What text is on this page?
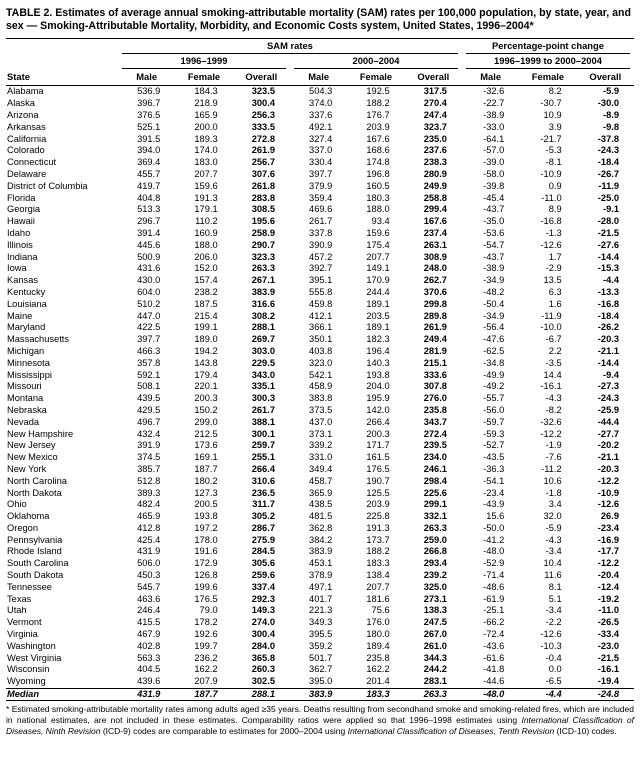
TABLE 2. Estimates of average annual smoking-attributable mortality (SAM) rates per 100,000 population, by state, year, and sex — Smoking-Attributable Mortality, Morbidity, and Economic Costs system, United States, 1996–2004*
State	SAM rates						Percentage-point change		

	1996–1999			2000–2004			1996–1999 to 2000–2004		

	Male	Female	Overall	Male	Female	Overall	Male	Female	Overall
Alabama	536.9	184.3	323.5	504.3	192.5	317.5	-32.6	8.2	-5.9
Alaska	396.7	218.9	300.4	374.0	188.2	270.4	-22.7	-30.7	-30.0
Arizona	376.5	165.9	256.3	337.6	176.7	247.4	-38.9	10.9	-8.9
Arkansas	525.1	200.0	333.5	492.1	203.9	323.7	-33.0	3.9	-9.8
California	391.5	189.3	272.8	327.4	167.6	235.0	-64.1	-21.7	-37.8
Colorado	394.0	174.0	261.9	337.0	168.6	237.6	-57.0	-5.3	-24.3
Connecticut	369.4	183.0	256.7	330.4	174.8	238.3	-39.0	-8.1	-18.4
Delaware	455.7	207.7	307.6	397.7	196.8	280.9	-58.0	-10.9	-26.7
District of Columbia	419.7	159.6	261.8	379.9	160.5	249.9	-39.8	0.9	-11.9
Florida	404.8	191.3	283.8	359.4	180.3	258.8	-45.4	-11.0	-25.0
Georgia	513.3	179.1	308.5	469.6	188.0	299.4	-43.7	8.9	-9.1
Hawaii	296.7	110.2	195.6	261.7	93.4	167.6	-35.0	-16.8	-28.0
Idaho	391.4	160.9	258.9	337.8	159.6	237.4	-53.6	-1.3	-21.5
Illinois	445.6	188.0	290.7	390.9	175.4	263.1	-54.7	-12.6	-27.6
Indiana	500.9	206.0	323.3	457.2	207.7	308.9	-43.7	1.7	-14.4
Iowa	431.6	152.0	263.3	392.7	149.1	248.0	-38.9	-2.9	-15.3
Kansas	430.0	157.4	267.1	395.1	170.9	262.7	-34.9	13.5	-4.4
Kentucky	604.0	238.2	383.9	555.8	244.4	370.6	-48.2	6.3	-13.3
Louisiana	510.2	187.5	316.6	459.8	189.1	299.8	-50.4	1.6	-16.8
Maine	447.0	215.4	308.2	412.1	203.5	289.8	-34.9	-11.9	-18.4
Maryland	422.5	199.1	288.1	366.1	189.1	261.9	-56.4	-10.0	-26.2
Massachusetts	397.7	189.0	269.7	350.1	182.3	249.4	-47.6	-6.7	-20.3
Michigan	466.3	194.2	303.0	403.8	196.4	281.9	-62.5	2.2	-21.1
Minnesota	357.8	143.8	229.5	323.0	140.3	215.1	-34.8	-3.5	-14.4
Mississippi	592.1	179.4	343.0	542.1	193.8	333.6	-49.9	14.4	-9.4
Missouri	508.1	220.1	335.1	458.9	204.0	307.8	-49.2	-16.1	-27.3
Montana	439.5	200.3	300.3	383.8	195.9	276.0	-55.7	-4.3	-24.3
Nebraska	429.5	150.2	261.7	373.5	142.0	235.8	-56.0	-8.2	-25.9
Nevada	496.7	299.0	388.1	437.0	266.4	343.7	-59.7	-32.6	-44.4
New Hampshire	432.4	212.5	300.1	373.1	200.3	272.4	-59.3	-12.2	-27.7
New Jersey	391.9	173.6	259.7	339.2	171.7	239.5	-52.7	-1.9	-20.2
New Mexico	374.5	169.1	255.1	331.0	161.5	234.0	-43.5	-7.6	-21.1
New York	385.7	187.7	266.4	349.4	176.5	246.1	-36.3	-11.2	-20.3
North Carolina	512.8	180.2	310.6	458.7	190.7	298.4	-54.1	10.6	-12.2
North Dakota	389.3	127.3	236.5	365.9	125.5	225.6	-23.4	-1.8	-10.9
Ohio	482.4	200.5	311.7	438.5	203.9	299.1	-43.9	3.4	-12.6
Oklahoma	465.9	193.8	305.2	481.5	225.8	332.1	15.6	32.0	26.9
Oregon	412.8	197.2	286.7	362.8	191.3	263.3	-50.0	-5.9	-23.4
Pennsylvania	425.4	178.0	275.9	384.2	173.7	259.0	-41.2	-4.3	-16.9
Rhode Island	431.9	191.6	284.5	383.9	188.2	266.8	-48.0	-3.4	-17.7
South Carolina	506.0	172.9	305.6	453.1	183.3	293.4	-52.9	10.4	-12.2
South Dakota	450.3	126.8	259.6	378.9	138.4	239.2	-71.4	11.6	-20.4
Tennessee	545.7	199.6	337.4	497.1	207.7	325.0	-48.6	8.1	-12.4
Texas	463.6	176.5	292.3	401.7	181.6	273.1	-61.9	5.1	-19.2
Utah	246.4	79.0	149.3	221.3	75.6	138.3	-25.1	-3.4	-11.0
Vermont	415.5	178.2	274.0	349.3	176.0	247.5	-66.2	-2.2	-26.5
Virginia	467.9	192.6	300.4	395.5	180.0	267.0	-72.4	-12.6	-33.4
Washington	402.8	199.7	284.0	359.2	189.4	261.0	-43.6	-10.3	-23.0
West Virginia	563.3	236.2	365.8	501.7	235.8	344.3	-61.6	-0.4	-21.5
Wisconsin	404.5	162.2	260.3	362.7	162.2	244.2	-41.8	0.0	-16.1
Wyoming	439.6	207.9	302.5	395.0	201.4	283.1	-44.6	-6.5	-19.4
Median	431.9	187.7	288.1	383.9	183.3	263.3	-48.0	-4.4	-24.8
* Estimated smoking-attributable mortality rates among adults aged ≥35 years. Deaths resulting from secondhand smoke and smoking-related fires, which are included in national estimates, are not included in these estimates. Comparability ratios were applied so that 1996–1998 estimates using International Classification of Diseases, Ninth Revision (ICD-9) codes are comparable to estimates for 2000–2004 using International Classification of Diseases, Tenth Revision (ICD-10) codes.
